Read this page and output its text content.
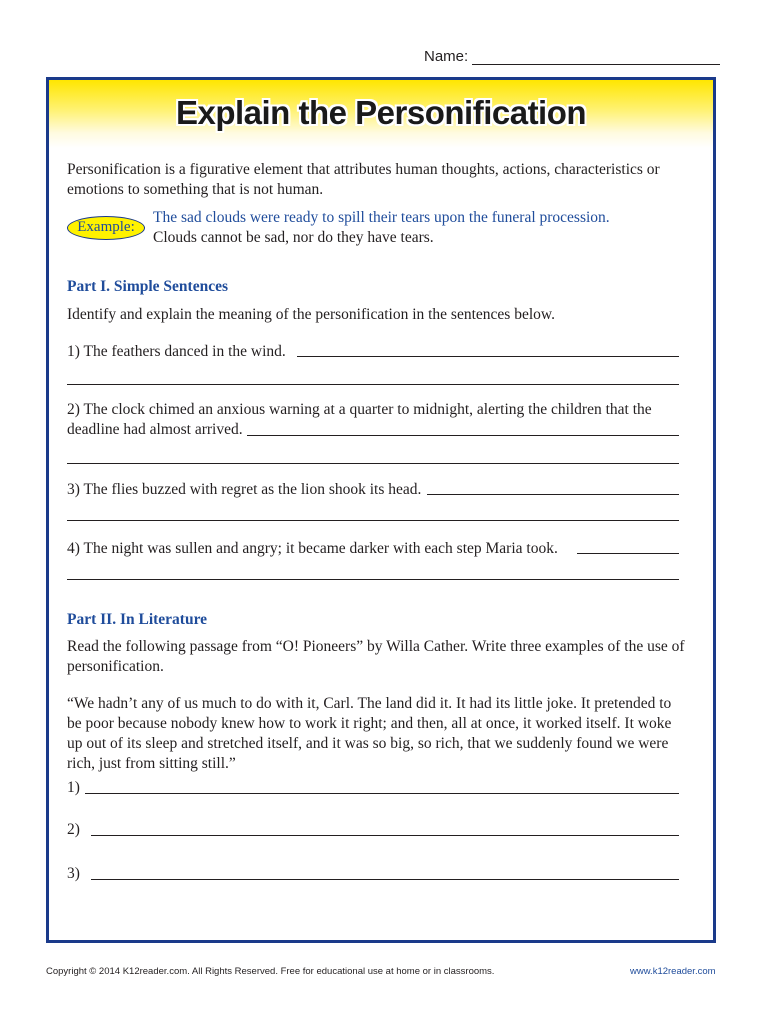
Name:
Explain the Personification
Personification is a figurative element that attributes human thoughts, actions, characteristics or
emotions to something that is not human.
Example:
The sad clouds were ready to spill their tears upon the funeral procession.
Clouds cannot be sad, nor do they have tears.
Part I. Simple Sentences
Identify and explain the meaning of the personification in the sentences below.
1) The feathers danced in the wind.
2) The clock chimed an anxious warning at a quarter to midnight, alerting the children that the
deadline had almost arrived.
3) The flies buzzed with regret as the lion shook its head.
4) The night was sullen and angry; it became darker with each step Maria took.
Part II. In Literature
Read the following passage from “O! Pioneers” by Willa Cather. Write three examples of the use of
personification.
“We hadn’t any of us much to do with it, Carl. The land did it. It had its little joke. It pretended to
be poor because nobody knew how to work it right; and then, all at once, it worked itself. It woke
up out of its sleep and stretched itself, and it was so big, so rich, that we suddenly found we were
rich, just from sitting still.”
1)
2)
3)
Copyright © 2014 K12reader.com. All Rights Reserved. Free for educational use at home or in classrooms.	www.k12reader.com
